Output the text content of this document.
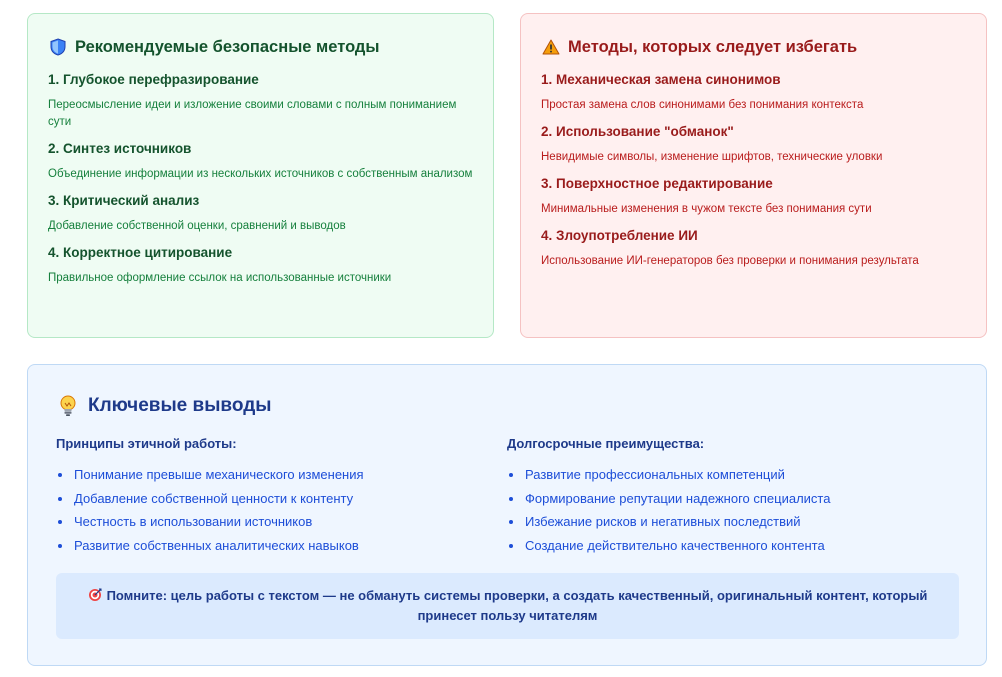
Рекомендуемые безопасные методы
1. Глубокое перефразирование
Переосмысление идеи и изложение своими словами с полным пониманием сути
2. Синтез источников
Объединение информации из нескольких источников с собственным анализом
3. Критический анализ
Добавление собственной оценки, сравнений и выводов
4. Корректное цитирование
Правильное оформление ссылок на использованные источники
Методы, которых следует избегать
1. Механическая замена синонимов
Простая замена слов синонимами без понимания контекста
2. Использование "обманок"
Невидимые символы, изменение шрифтов, технические уловки
3. Поверхностное редактирование
Минимальные изменения в чужом тексте без понимания сути
4. Злоупотребление ИИ
Использование ИИ-генераторов без проверки и понимания результата
Ключевые выводы
Принципы этичной работы:
Понимание превыше механического изменения
Добавление собственной ценности к контенту
Честность в использовании источников
Развитие собственных аналитических навыков
Долгосрочные преимущества:
Развитие профессиональных компетенций
Формирование репутации надежного специалиста
Избежание рисков и негативных последствий
Создание действительно качественного контента
Помните: цель работы с текстом — не обмануть системы проверки, а создать качественный, оригинальный контент, который принесет пользу читателям
